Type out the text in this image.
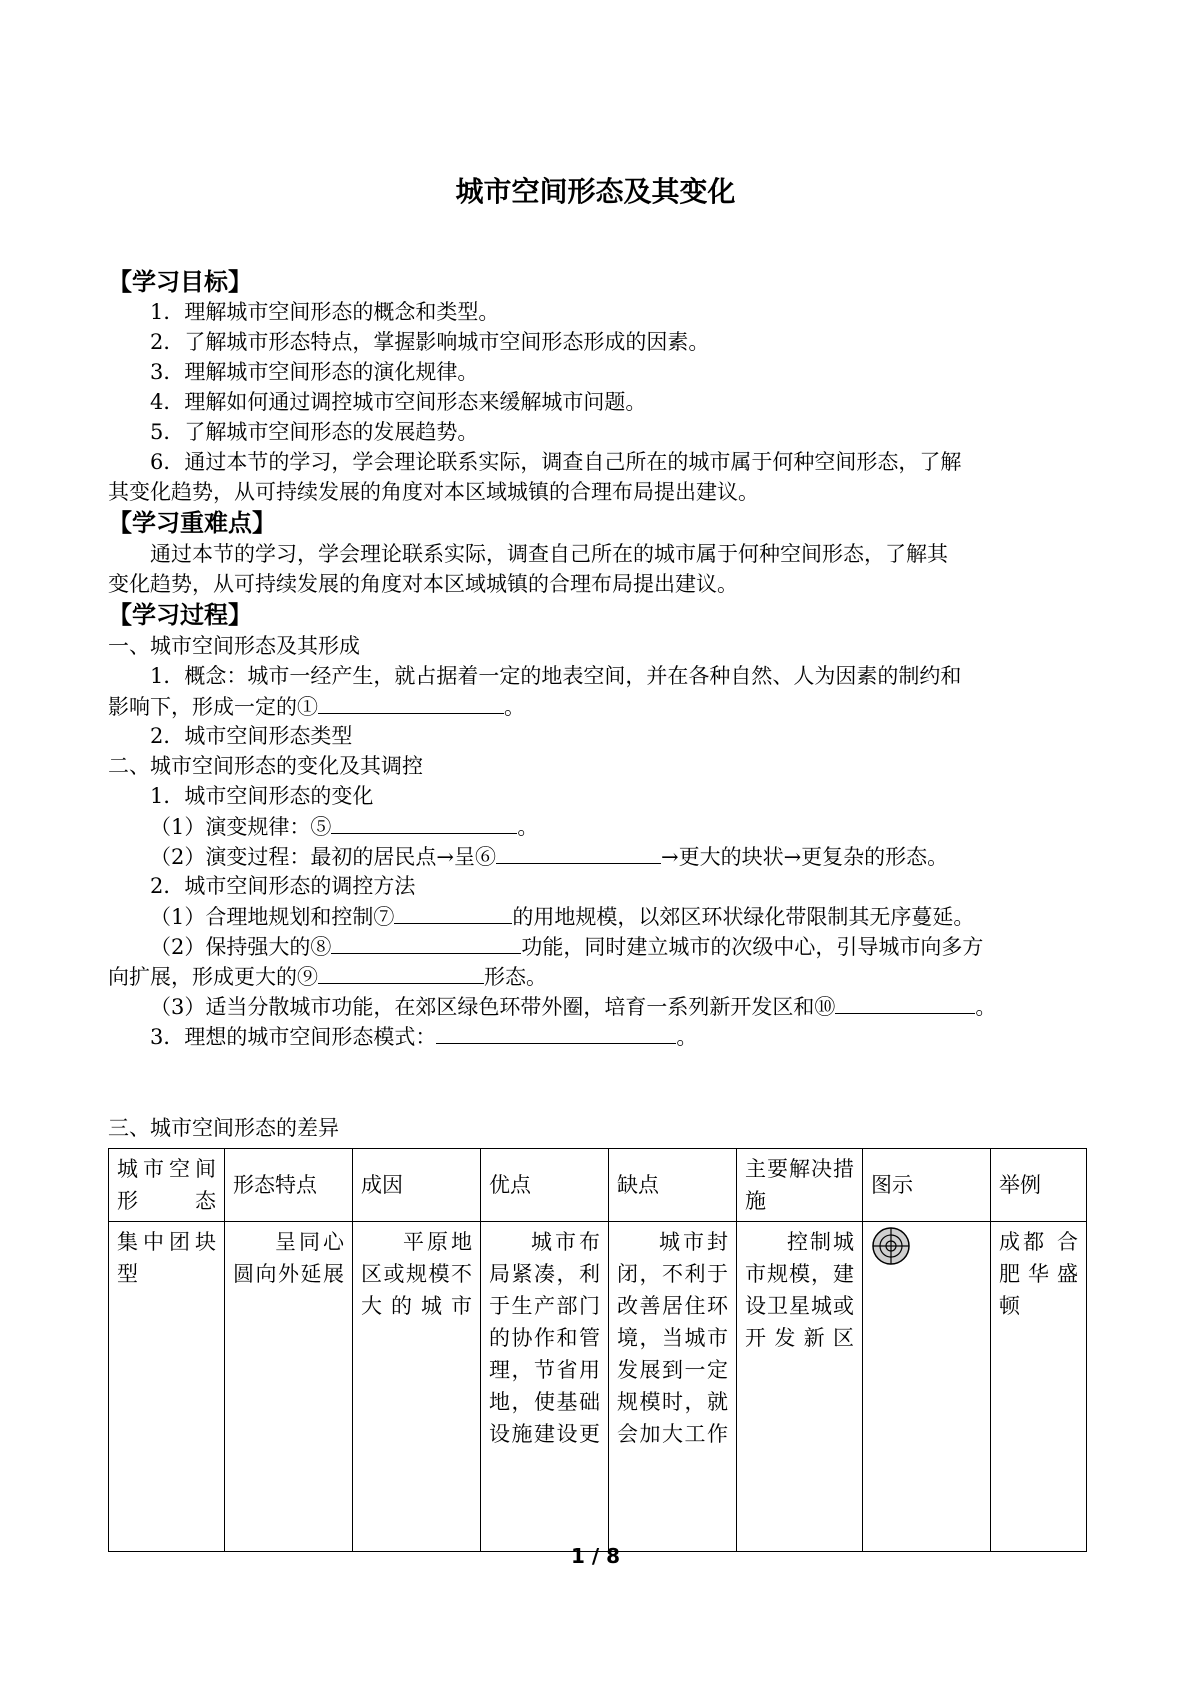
城市空间形态及其变化
【学习目标】
1．理解城市空间形态的概念和类型。
2．了解城市形态特点，掌握影响城市空间形态形成的因素。
3．理解城市空间形态的演化规律。
4．理解如何通过调控城市空间形态来缓解城市问题。
5．了解城市空间形态的发展趋势。
6．通过本节的学习，学会理论联系实际，调查自己所在的城市属于何种空间形态，了解
其变化趋势，从可持续发展的角度对本区域城镇的合理布局提出建议。
【学习重难点】
通过本节的学习，学会理论联系实际，调查自己所在的城市属于何种空间形态，了解其
变化趋势，从可持续发展的角度对本区域城镇的合理布局提出建议。
【学习过程】
一、城市空间形态及其形成
1．概念：城市一经产生，就占据着一定的地表空间，并在各种自然、人为因素的制约和
影响下，形成一定的①	。
2．城市空间形态类型
二、城市空间形态的变化及其调控
1．城市空间形态的变化
（1）演变规律：⑤	。
（2）演变过程：最初的居民点→呈⑥	→更大的块状→更复杂的形态。
2．城市空间形态的调控方法
（1）合理地规划和控制⑦	的用地规模，以郊区环状绿化带限制其无序蔓延。
（2）保持强大的⑧	功能，同时建立城市的次级中心，引导城市向多方
向扩展，形成更大的⑨	形态。
（3）适当分散城市功能，在郊区绿色环带外圈，培育一系列新开发区和⑩	。
3．理想的城市空间形态模式：	。
三、城市空间形态的差异
城市空间形态	形态特点	成因	优点	缺点	主要解决措施	图示	举例
集中团块型	呈同心圆向外延展	平原地区或规模不大的城市	城市布局紧凑，利于生产部门的协作和管理，节省用地，使基础设施建设更	城市封闭，不利于改善居住环境，当城市发展到一定规模时，就会加大工作	控制城市规模，建设卫星城或开发新区		成都 合肥 华 盛 顿
1 / 8
